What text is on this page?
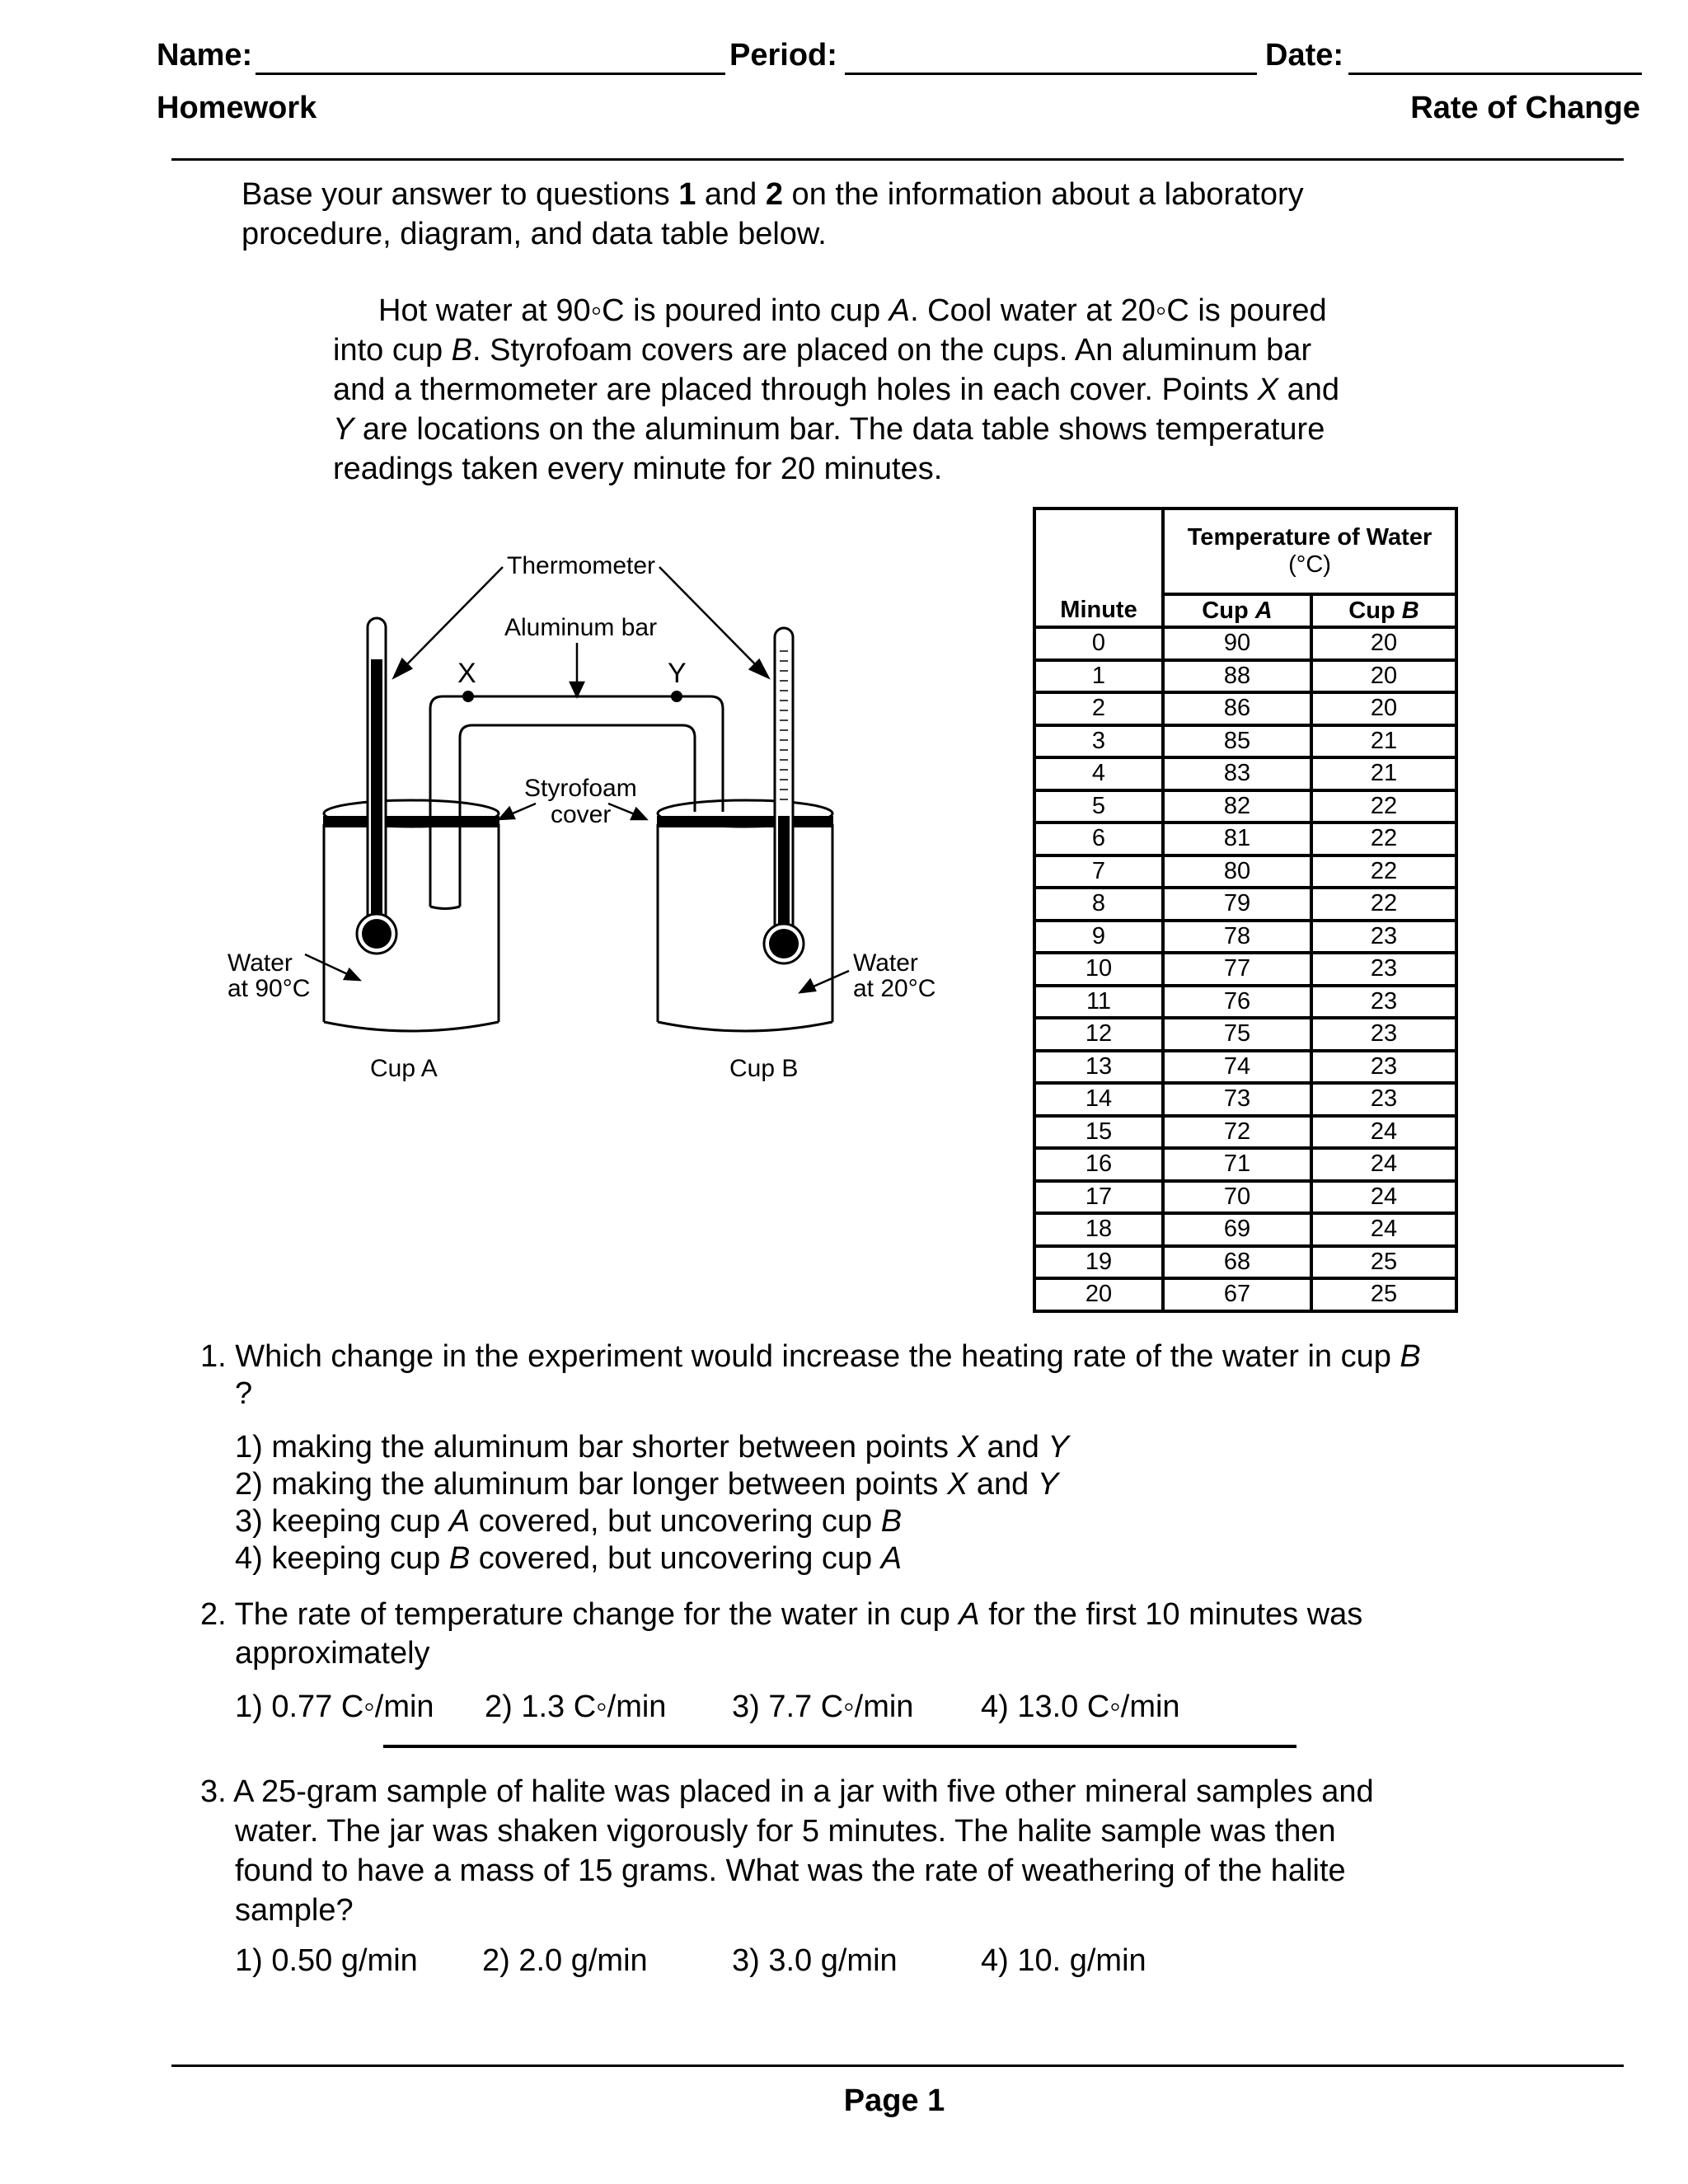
Name:	Period:	Date:
Homework	Rate of Change
Base your answer to questions 1 and 2 on the information about a laboratory
procedure, diagram, and data table below.
Hot water at 90◦C is poured into cup A. Cool water at 20◦C is poured
into cup B. Styrofoam covers are placed on the cups. An aluminum bar
and a thermometer are placed through holes in each cover. Points X and
Y are locations on the aluminum bar. The data table shows temperature
readings taken every minute for 20 minutes.
Thermometer
Aluminum bar
X	Y
Styrofoam
cover
Water
at 90°C
Water
at 20°C
Cup A	Cup B

	Temperature of Water
(°C)	

Minute	Cup A	Cup B
0	90	20
1	88	20
2	86	20
3	85	21
4	83	21
5	82	22
6	81	22
7	80	22
8	79	22
9	78	23
10	77	23
11	76	23
12	75	23
13	74	23
14	73	23
15	72	24
16	71	24
17	70	24
18	69	24
19	68	25
20	67	25
1. Which change in the experiment would increase the heating rate of the water in cup B
?
1) making the aluminum bar shorter between points X and Y
2) making the aluminum bar longer between points X and Y
3) keeping cup A covered, but uncovering cup B
4) keeping cup B covered, but uncovering cup A
2. The rate of temperature change for the water in cup A for the first 10 minutes was
approximately
1) 0.77 C◦/min 2) 1.3 C◦/min 3) 7.7 C◦/min 4) 13.0 C◦/min
3. A 25-gram sample of halite was placed in a jar with five other mineral samples and
water. The jar was shaken vigorously for 5 minutes. The halite sample was then
found to have a mass of 15 grams. What was the rate of weathering of the halite
sample?
1) 0.50 g/min 2) 2.0 g/min	3) 3.0 g/min	4) 10. g/min
Page 1
